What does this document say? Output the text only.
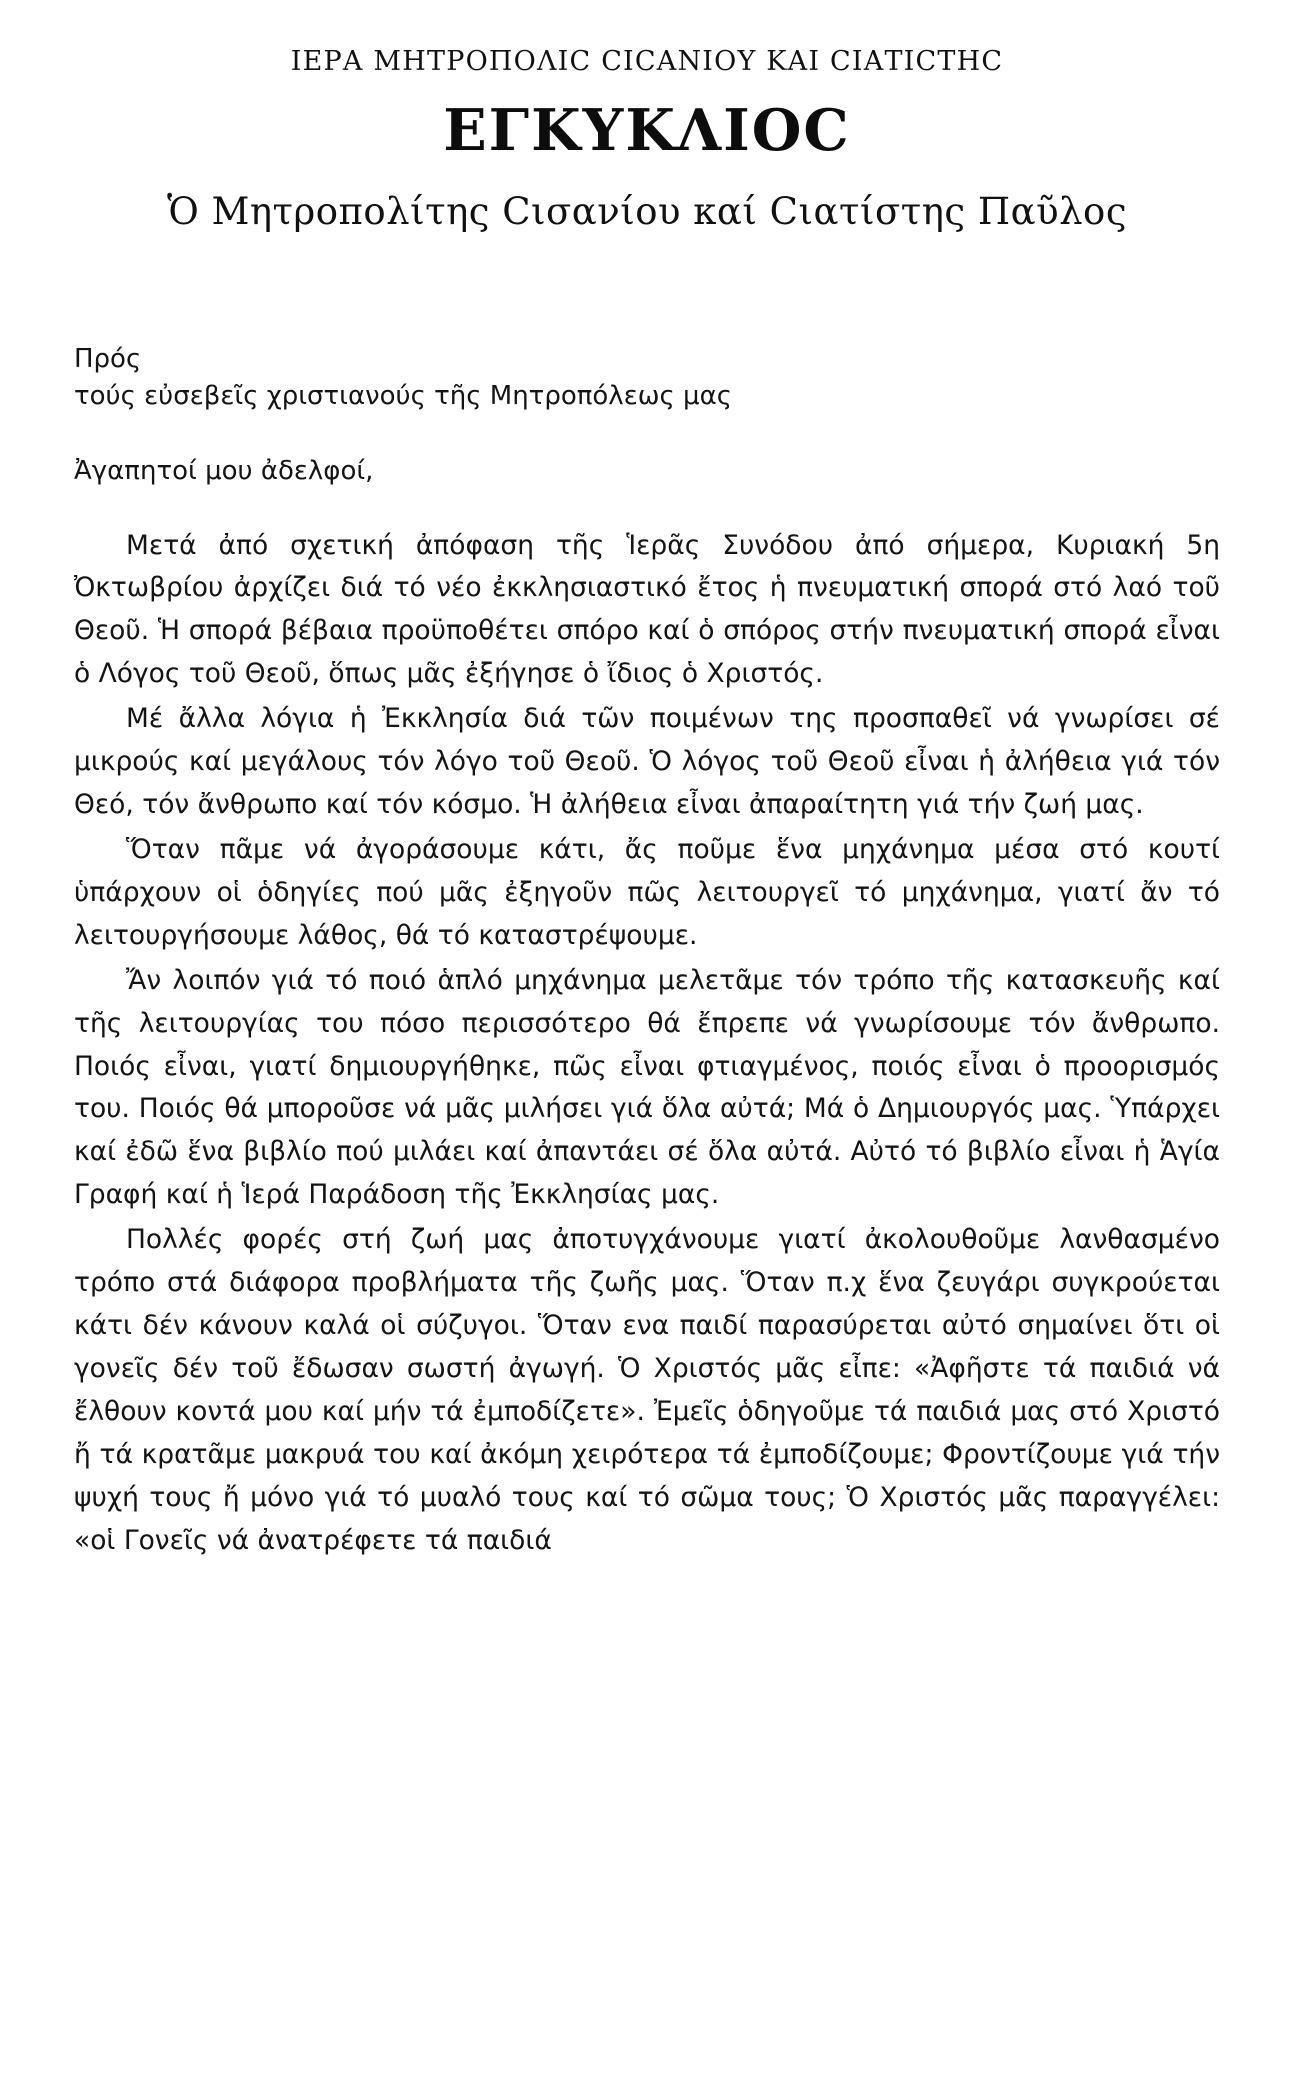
ΙΕΡΑ ΜΗΤΡΟΠΟΛΙC CICΑΝΙΟΥ ΚΑΙ CΙΑΤΙCΤΗC
ΕΓΚΥΚΛΙΟC
Ὁ Μητροπολίτης Cισανίου καί Cιατίστης Παῦλος
Πρός
τούς εὐσεβεῖς χριστιανούς τῆς Μητροπόλεως μας
Ἀγαπητοί μου ἀδελφοί,

Μετά ἀπό σχετική ἀπόφαση τῆς Ἱερᾶς Συνόδου ἀπό σήμερα, Κυριακή 5η Ὀκτωβρίου ἀρχίζει διά τό νέο ἐκκλησιαστικό ἔτος ἡ πνευματική σπορά στό λαό τοῦ Θεοῦ. Ἡ σπορά βέβαια προϋποθέτει σπόρο καί ὁ σπόρος στήν πνευματική σπορά εἶναι ὁ Λόγος τοῦ Θεοῦ, ὅπως μᾶς ἐξήγησε ὁ ἴδιος ὁ Χριστός.

Μέ ἄλλα λόγια ἡ Ἐκκλησία διά τῶν ποιμένων της προσπαθεῖ νά γνωρίσει σέ μικρούς καί μεγάλους τόν λόγο τοῦ Θεοῦ. Ὁ λόγος τοῦ Θεοῦ εἶναι ἡ ἀλήθεια γιά τόν Θεό, τόν ἄνθρωπο καί τόν κόσμο. Ἡ ἀλήθεια εἶναι ἀπαραίτητη γιά τήν ζωή μας.

Ὅταν πᾶμε νά ἀγοράσουμε κάτι, ἄς ποῦμε ἕνα μηχάνημα μέσα στό κουτί ὑπάρχουν οἱ ὁδηγίες πού μᾶς ἐξηγοῦν πῶς λειτουργεῖ τό μηχάνημα, γιατί ἄν τό λειτουργήσουμε λάθος, θά τό καταστρέψουμε.

Ἄν λοιπόν γιά τό ποιό ἁπλό μηχάνημα μελετᾶμε τόν τρόπο τῆς κατασκευῆς καί τῆς λειτουργίας του πόσο περισσότερο θά ἔπρεπε νά γνωρίσουμε τόν ἄνθρωπο. Ποιός εἶναι, γιατί δημιουργήθηκε, πῶς εἶναι φτιαγμένος, ποιός εἶναι ὁ προορισμός του. Ποιός θά μποροῦσε νά μᾶς μιλήσει γιά ὅλα αὐτά; Μά ὁ Δημιουργός μας. Ὑπάρχει καί ἐδῶ ἕνα βιβλίο πού μιλάει καί ἀπαντάει σέ ὅλα αὐτά. Αὐτό τό βιβλίο εἶναι ἡ Ἁγία Γραφή καί ἡ Ἱερά Παράδοση τῆς Ἐκκλησίας μας.

Πολλές φορές στή ζωή μας ἀποτυγχάνουμε γιατί ἀκολουθοῦμε λανθασμένο τρόπο στά διάφορα προβλήματα τῆς ζωῆς μας. Ὅταν π.χ ἕνα ζευγάρι συγκρούεται κάτι δέν κάνουν καλά οἱ σύζυγοι. Ὅταν ενα παιδί παρασύρεται αὐτό σημαίνει ὅτι οἱ γονεῖς δέν τοῦ ἔδωσαν σωστή ἀγωγή. Ὁ Χριστός μᾶς εἶπε: «Ἀφῆστε τά παιδιά νά ἔλθουν κοντά μου καί μήν τά ἐμποδίζετε». Ἐμεῖς ὁδηγοῦμε τά παιδιά μας στό Χριστό ἤ τά κρατᾶμε μακρυά του καί ἀκόμη χειρότερα τά ἐμποδίζουμε; Φροντίζουμε γιά τήν ψυχή τους ἤ μόνο γιά τό μυαλό τους καί τό σῶμα τους; Ὁ Χριστός μᾶς παραγγέλει: «οἱ Γονεῖς νά ἀνατρέφετε τά παιδιά
